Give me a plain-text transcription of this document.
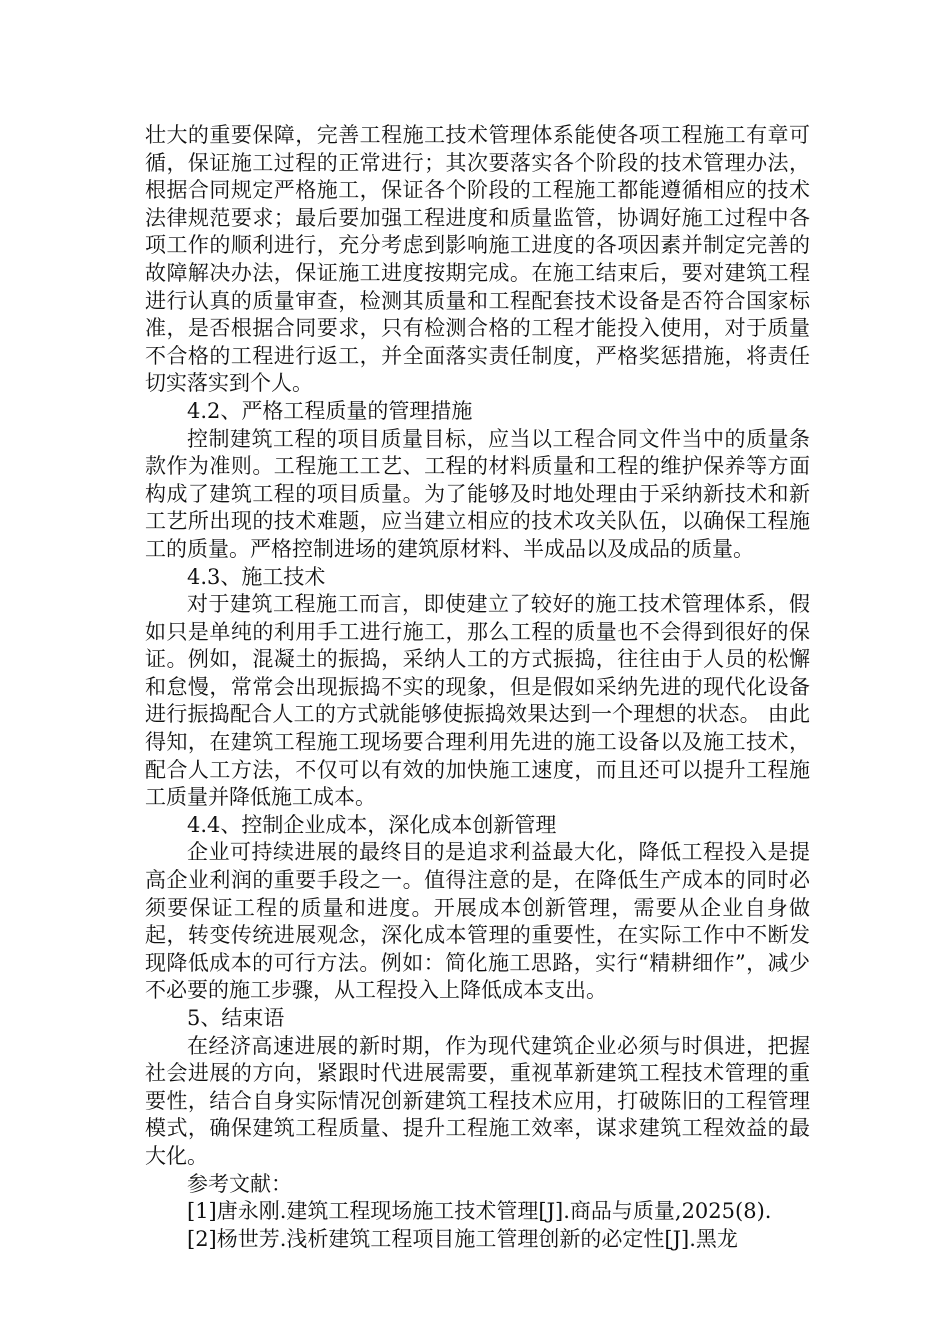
壮大的重要保障，完善工程施工技术管理体系能使各项工程施工有章可循，保证施工过程的正常进行；其次要落实各个阶段的技术管理办法，根据合同规定严格施工，保证各个阶段的工程施工都能遵循相应的技术法律规范要求；最后要加强工程进度和质量监管，协调好施工过程中各项工作的顺利进行，充分考虑到影响施工进度的各项因素并制定完善的故障解决办法，保证施工进度按期完成。在施工结束后，要对建筑工程进行认真的质量审查，检测其质量和工程配套技术设备是否符合国家标准，是否根据合同要求，只有检测合格的工程才能投入使用，对于质量不合格的工程进行返工，并全面落实责任制度，严格奖惩措施，将责任切实落实到个人。

4.2、严格工程质量的管理措施

控制建筑工程的项目质量目标，应当以工程合同文件当中的质量条款作为准则。工程施工工艺、工程的材料质量和工程的维护保养等方面构成了建筑工程的项目质量。为了能够及时地处理由于采纳新技术和新工艺所出现的技术难题，应当建立相应的技术攻关队伍，以确保工程施工的质量。严格控制进场的建筑原材料、半成品以及成品的质量。

4.3、施工技术

对于建筑工程施工而言，即使建立了较好的施工技术管理体系，假如只是单纯的利用手工进行施工，那么工程的质量也不会得到很好的保证。例如，混凝土的振捣，采纳人工的方式振捣，往往由于人员的松懈和怠慢，常常会出现振捣不实的现象，但是假如采纳先进的现代化设备进行振捣配合人工的方式就能够使振捣效果达到一个理想的状态。 由此得知，在建筑工程施工现场要合理利用先进的施工设备以及施工技术，配合人工方法，不仅可以有效的加快施工速度，而且还可以提升工程施工质量并降低施工成本。

4.4、控制企业成本，深化成本创新管理

企业可持续进展的最终目的是追求利益最大化，降低工程投入是提高企业利润的重要手段之一。值得注意的是，在降低生产成本的同时必须要保证工程的质量和进度。开展成本创新管理，需要从企业自身做起，转变传统进展观念，深化成本管理的重要性，在实际工作中不断发现降低成本的可行方法。例如：简化施工思路，实行“精耕细作”，减少不必要的施工步骤，从工程投入上降低成本支出。

5、结束语

在经济高速进展的新时期，作为现代建筑企业必须与时俱进，把握社会进展的方向，紧跟时代进展需要，重视革新建筑工程技术管理的重要性，结合自身实际情况创新建筑工程技术应用，打破陈旧的工程管理模式，确保建筑工程质量、提升工程施工效率，谋求建筑工程效益的最大化。

参考文献：

[1]唐永刚.建筑工程现场施工技术管理[J].商品与质量,2025(8).

[2]杨世芳.浅析建筑工程项目施工管理创新的必定性[J].黑龙
